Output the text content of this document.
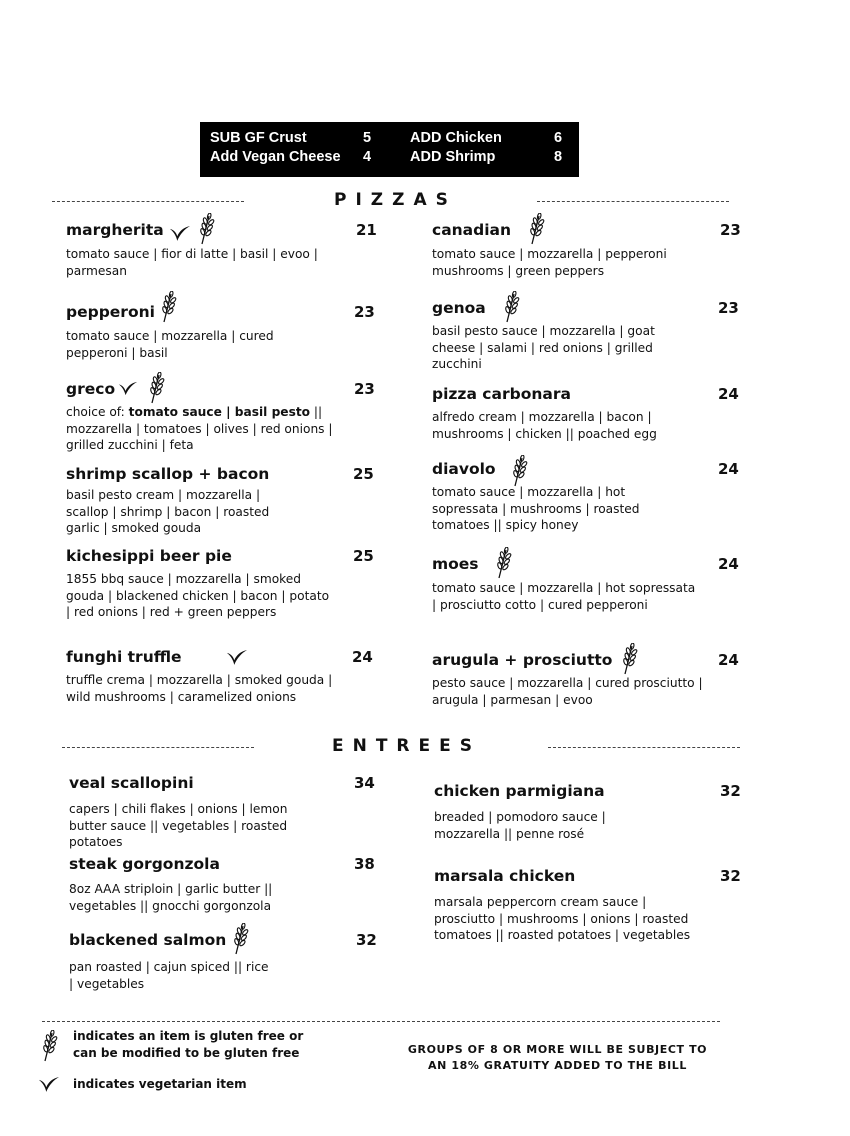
SUB GF Crust	5
Add Vegan Cheese 4
ADD Chicken	6
ADD Shrimp	8
PIZZAS
margherita	21
tomato sauce | fior di latte | basil | evoo | parmesan
pepperoni	23
tomato sauce | mozzarella | cured pepperoni | basil
greco	23
choice of: tomato sauce | basil pesto || mozzarella | tomatoes | olives | red onions | grilled zucchini | feta
shrimp scallop + bacon	25
basil pesto cream | mozzarella | scallop | shrimp | bacon | roasted garlic | smoked gouda
kichesippi beer pie	25
1855 bbq sauce | mozzarella | smoked gouda | blackened chicken | bacon | potato | red onions | red + green peppers
funghi truffle	24
truffle crema | mozzarella | smoked gouda | wild mushrooms | caramelized onions
canadian	23
tomato sauce | mozzarella | pepperoni mushrooms | green peppers
genoa	23
basil pesto sauce | mozzarella | goat cheese | salami | red onions | grilled zucchini
pizza carbonara	24
alfredo cream | mozzarella | bacon | mushrooms | chicken || poached egg
diavolo	24
tomato sauce | mozzarella | hot sopressata | mushrooms | roasted tomatoes || spicy honey
moes	24
tomato sauce | mozzarella | hot sopressata | prosciutto cotto | cured pepperoni
arugula + prosciutto	24
pesto sauce | mozzarella | cured prosciutto | arugula | parmesan | evoo
ENTREES
veal scallopini	34
capers | chili flakes | onions | lemon butter sauce || vegetables | roasted potatoes
steak gorgonzola	38
8oz AAA striploin | garlic butter || vegetables || gnocchi gorgonzola
blackened salmon	32
pan roasted | cajun spiced || rice | vegetables
chicken parmigiana	32
breaded | pomodoro sauce | mozzarella || penne rosé
marsala chicken	32
marsala peppercorn cream sauce | prosciutto | mushrooms | onions | roasted tomatoes || roasted potatoes | vegetables
indicates an item is gluten free or
can be modified to be gluten free
indicates vegetarian item
GROUPS OF 8 OR MORE WILL BE SUBJECT TO
AN 18% GRATUITY ADDED TO THE BILL
